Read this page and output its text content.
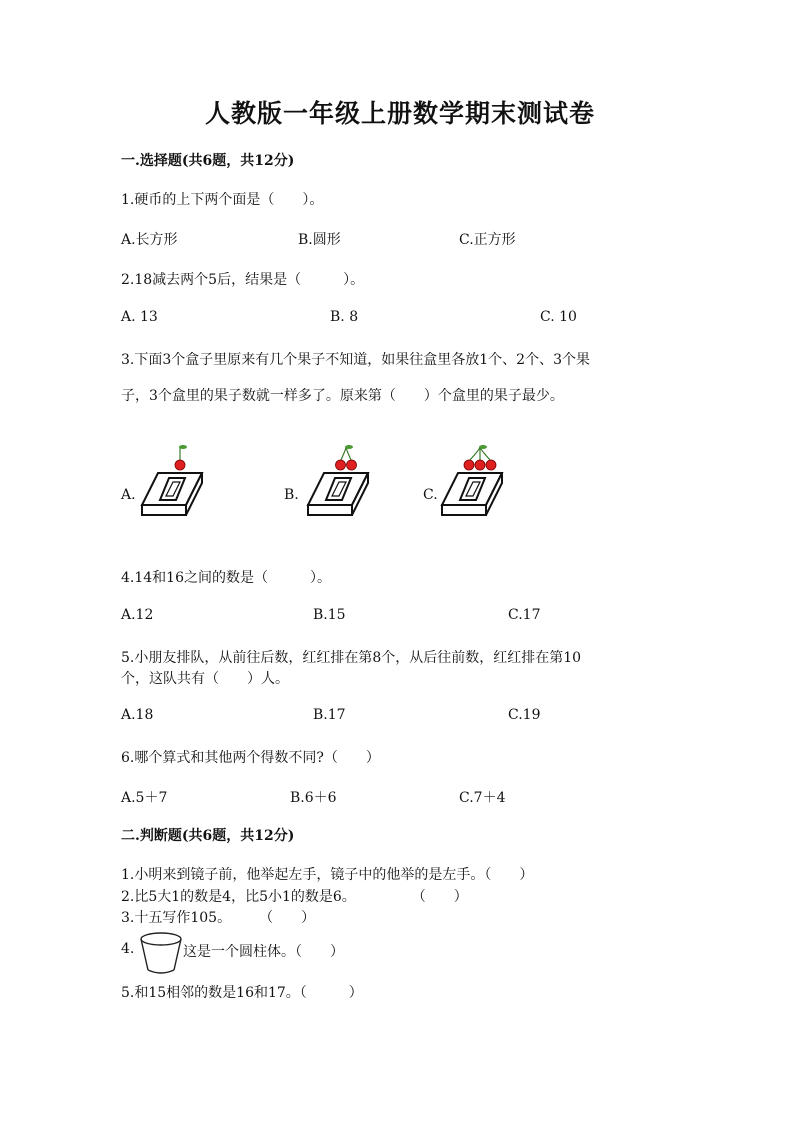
人教版一年级上册数学期末测试卷
一.选择题(共6题，共12分)
1.硬币的上下两个面是（　　）。
A.长方形	B.圆形	C.正方形
2.18减去两个5后，结果是（　　　）。
A. 13	B. 8	C. 10
3.下面3个盒子里原来有几个果子不知道，如果往盒里各放1个、2个、3个果
子，3个盒里的果子数就一样多了。原来第（　　）个盒里的果子最少。
A.	B.	C.
4.14和16之间的数是（　　　）。
A.12	B.15	C.17
5.小朋友排队，从前往后数，红红排在第8个，从后往前数，红红排在第10
个，这队共有（　　）人。
A.18	B.17	C.19
6.哪个算式和其他两个得数不同?（　　）
A.5＋7	B.6＋6	C.7＋4
二.判断题(共6题，共12分)
1.小明来到镜子前，他举起左手，镜子中的他举的是左手。（　　）
2.比5大1的数是4，比5小1的数是6。　　　　　（　　）
3.十五写作105。　　　（　　）
4.	这是一个圆柱体。（　　）
5.和15相邻的数是16和17。（　　　）
